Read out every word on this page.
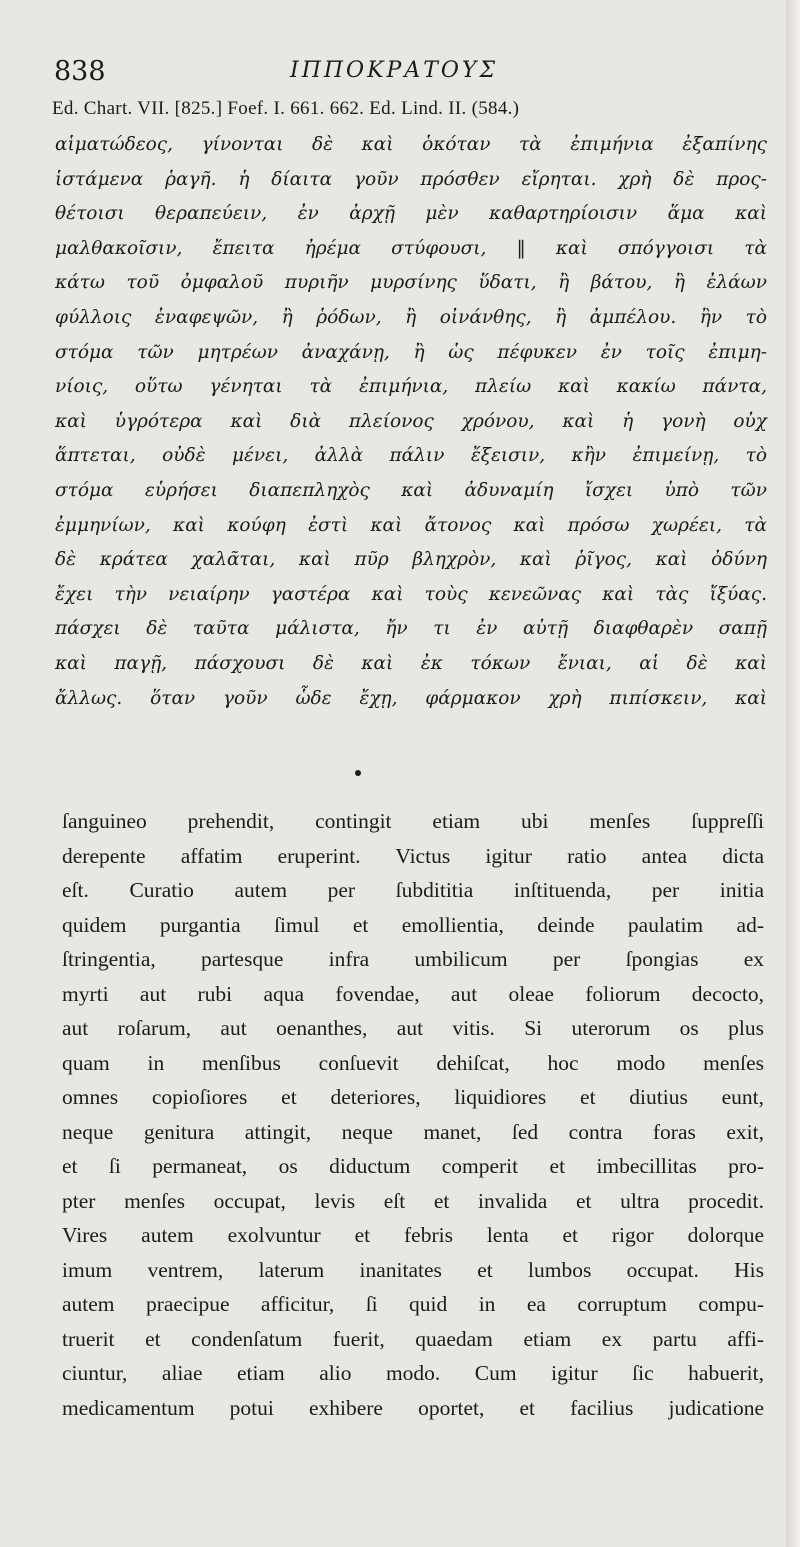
838	ΙΠΠΟΚΡΑΤΟΥΣ
Ed. Chart. VII. [825.] Foef. I. 661. 662. Ed. Lind. II. (584.)
αἱματώδεος, γίνονται δὲ καὶ ὁκόταν τὰ ἐπιμήνια ἐξαπίνης
ἱστάμενα ῥαγῆ. ἡ δίαιτα γοῦν πρόσθεν εἴρηται. χρὴ δὲ προς-
θέτοισι θεραπεύειν, ἐν ἀρχῇ μὲν καθαρτηρίοισιν ἅμα καὶ
μαλθακοῖσιν, ἔπειτα ἠρέμα στύφουσι, ‖ καὶ σπόγγοισι τὰ
κάτω τοῦ ὀμφαλοῦ πυριῆν μυρσίνης ὕδατι, ἢ βάτου, ἢ ἐλάων
φύλλοις ἐναφεψῶν, ἢ ῥόδων, ἢ οἰνάνθης, ἢ ἀμπέλου. ἢν τὸ
στόμα τῶν μητρέων ἀναχάνῃ, ἢ ὡς πέφυκεν ἐν τοῖς ἐπιμη-
νίοις, οὕτω γένηται τὰ ἐπιμήνια, πλείω καὶ κακίω πάντα,
καὶ ὑγρότερα καὶ διὰ πλείονος χρόνου, καὶ ἡ γονὴ οὐχ
ἅπτεται, οὐδὲ μένει, ἀλλὰ πάλιν ἔξεισιν, κἢν ἐπιμείνῃ, τὸ
στόμα εὑρήσει διαπεπληχὸς καὶ ἀδυναμίη ἴσχει ὑπὸ τῶν
ἐμμηνίων, καὶ κούφη ἐστὶ καὶ ἄτονος καὶ πρόσω χωρέει, τὰ
δὲ κράτεα χαλᾶται, καὶ πῦρ βληχρὸν, καὶ ῥῖγος, καὶ ὀδύνη
ἔχει τὴν νειαίρην γαστέρα καὶ τοὺς κενεῶνας καὶ τὰς ἴξύας.
πάσχει δὲ ταῦτα μάλιστα, ἤν τι ἐν αὐτῇ διαφθαρὲν σαπῇ
καὶ παγῇ, πάσχουσι δὲ καὶ ἐκ τόκων ἔνιαι, αἱ δὲ καὶ
ἄλλως. ὅταν γοῦν ὧδε ἔχῃ, φάρμακον χρὴ πιπίσκειν, καὶ
ſanguineo prehendit, contingit etiam ubi menſes ſuppreſſi
derepente affatim eruperint. Victus igitur ratio antea dicta
eſt. Curatio autem per ſubdititia inſtituenda, per initia
quidem purgantia ſimul et emollientia, deinde paulatim ad-
ſtringentia, partesque infra umbilicum per ſpongias ex
myrti aut rubi aqua fovendae, aut oleae foliorum decocto,
aut roſarum, aut oenanthes, aut vitis. Si uterorum os plus
quam in menſibus conſuevit dehiſcat, hoc modo menſes
omnes copioſiores et deteriores, liquidiores et diutius eunt,
neque genitura attingit, neque manet, ſed contra foras exit,
et ſi permaneat, os diductum comperit et imbecillitas pro-
pter menſes occupat, levis eſt et invalida et ultra procedit.
Vires autem exolvuntur et febris lenta et rigor dolorque
imum ventrem, laterum inanitates et lumbos occupat. His
autem praecipue afficitur, ſi quid in ea corruptum compu-
truerit et condenſatum fuerit, quaedam etiam ex partu affi-
ciuntur, aliae etiam alio modo. Cum igitur ſic habuerit,
medicamentum potui exhibere oportet, et facilius judicatione
